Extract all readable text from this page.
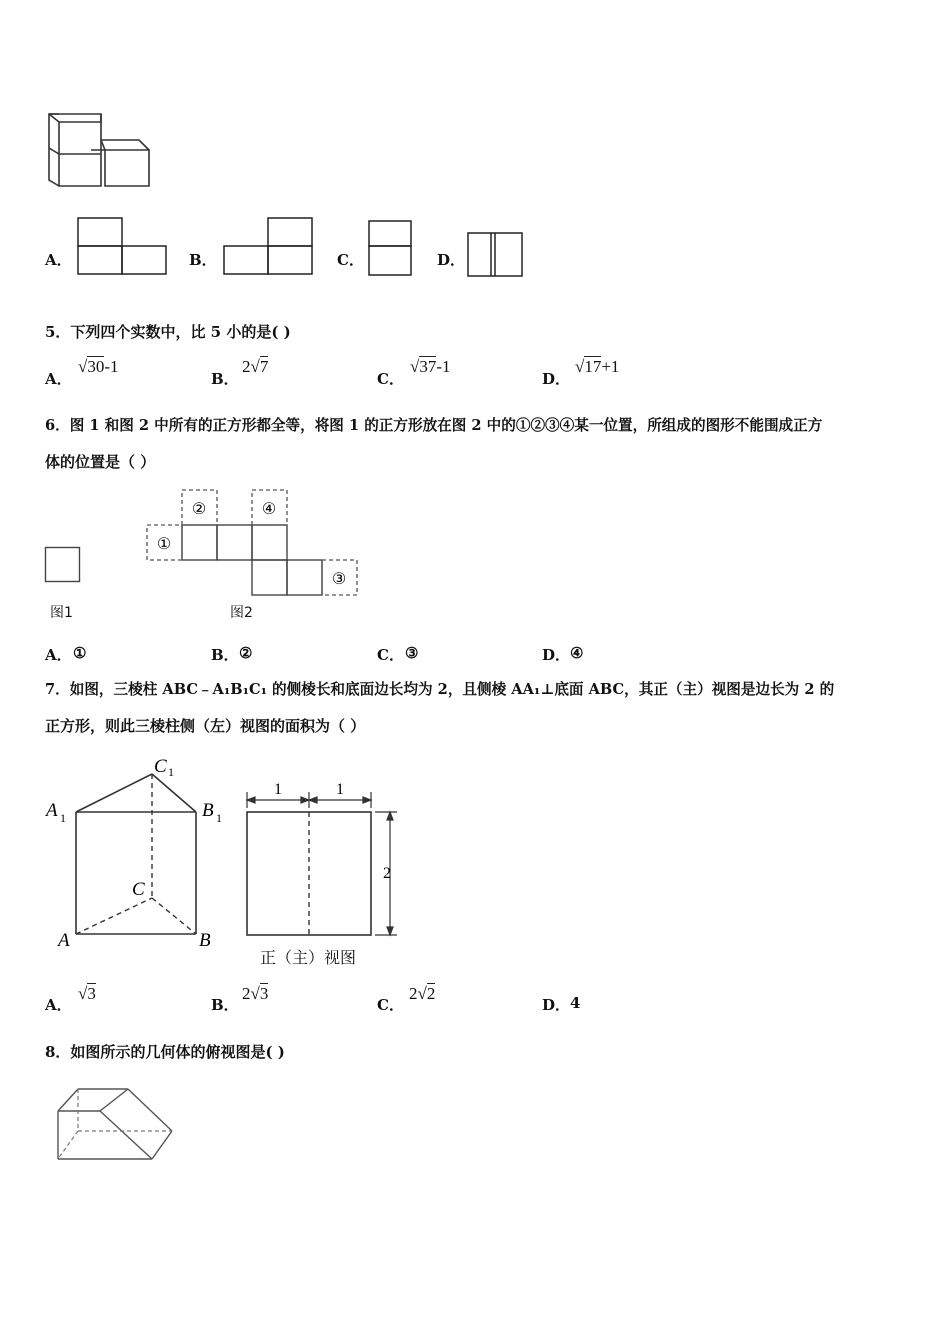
A．	B．	C．	D．
5．下列四个实数中，比 5 小的是( )
A．
√30-1
B．
2√7
C．
√37-1
D．
√17+1
6．图 1 和图 2 中所有的正方形都全等，将图 1 的正方形放在图 2 中的①②③④某一位置，所组成的图形不能围成正方
体的位置是（ ）
图1
①
②	④
③
图2
A． ①	B． ②	C． ③	D． ④
7．如图，三棱柱 ABC﹣A₁B₁C₁ 的侧棱长和底面边长均为 2，且侧棱 AA₁⊥底面 ABC，其正（主）视图是边长为 2 的
正方形，则此三棱柱侧（左）视图的面积为（ ）
A 1
C 1
B 1
C
A	B
1	1
2
正（主）视图
A．
√3
B．
2√3
C．
2√2
D． 4
8．如图所示的几何体的俯视图是( )
